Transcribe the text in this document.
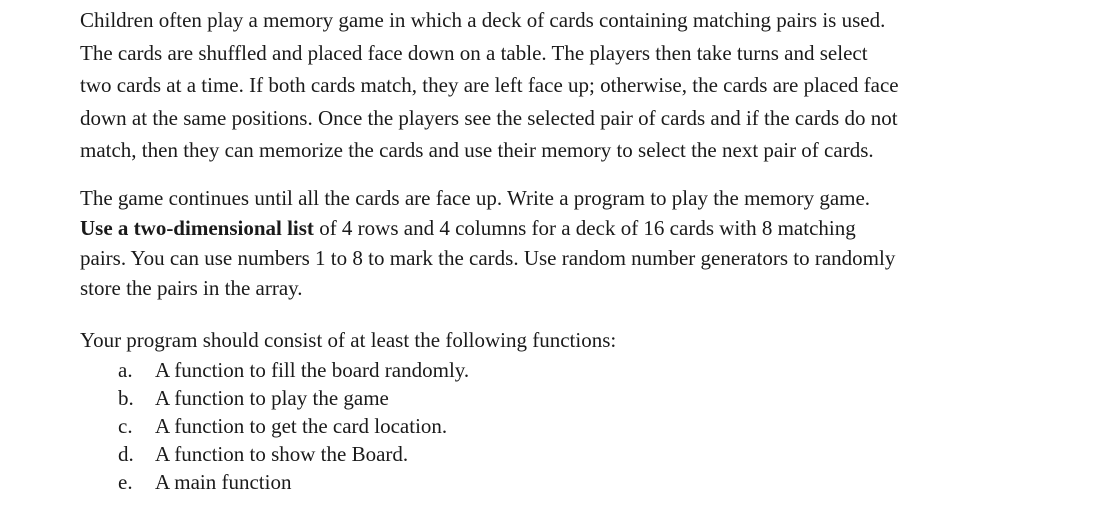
Children often play a memory game in which a deck of cards containing matching pairs is used.
The cards are shuffled and placed face down on a table. The players then take turns and select
two cards at a time. If both cards match, they are left face up; otherwise, the cards are placed face
down at the same positions. Once the players see the selected pair of cards and if the cards do not
match, then they can memorize the cards and use their memory to select the next pair of cards.

The game continues until all the cards are face up. Write a program to play the memory game.
Use a two-dimensional list of 4 rows and 4 columns for a deck of 16 cards with 8 matching
pairs. You can use numbers 1 to 8 to mark the cards. Use random number generators to randomly
store the pairs in the array.

Your program should consist of at least the following functions:

a.	A function to fill the board randomly.
b.	A function to play the game
c.	A function to get the card location.
d.	A function to show the Board.
e.	A main function
